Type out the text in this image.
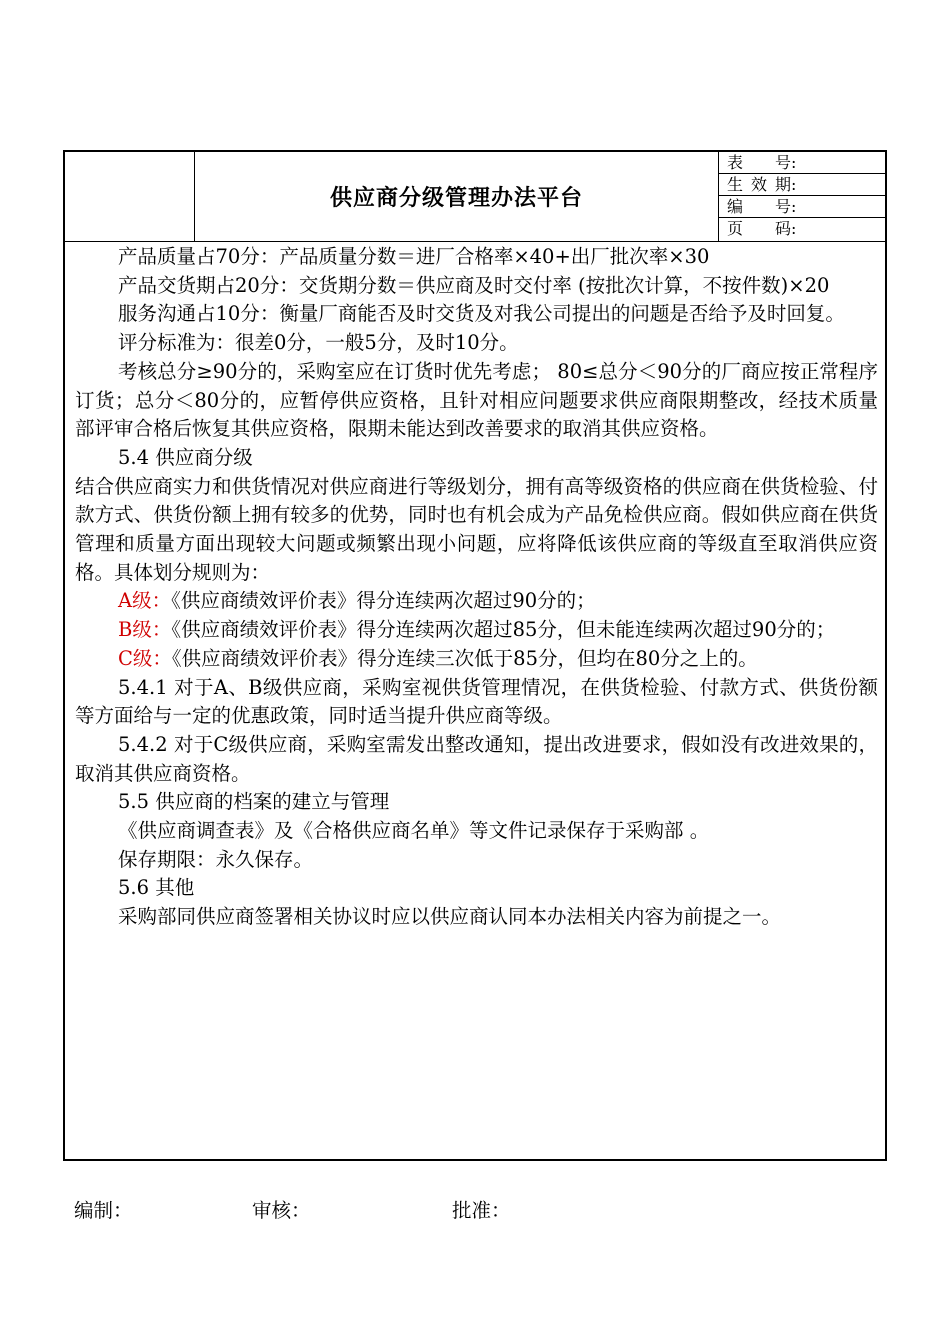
供应商分级管理办法平台
表号 :
生效期 :
编号 :
页码 :

产品质量占70分：产品质量分数＝进厂合格率×40+出厂批次率×30

产品交货期占20分：交货期分数＝供应商及时交付率 (按批次计算，不按件数)×20

服务沟通占10分：衡量厂商能否及时交货及对我公司提出的问题是否给予及时回复。

评分标准为：很差0分，一般5分，及时10分。

考核总分≥90分的，采购室应在订货时优先考虑； 80≤总分＜90分的厂商应按正常程序订货；总分＜80分的，应暂停供应资格，且针对相应问题要求供应商限期整改，经技术质量部评审合格后恢复其供应资格，限期未能达到改善要求的取消其供应资格。

5.4 供应商分级

结合供应商实力和供货情况对供应商进行等级划分，拥有高等级资格的供应商在供货检验、付款方式、供货份额上拥有较多的优势，同时也有机会成为产品免检供应商。假如供应商在供货管理和质量方面出现较大问题或频繁出现小问题，应将降低该供应商的等级直至取消供应资格。具体划分规则为：

A级：《供应商绩效评价表》得分连续两次超过90分的；

B级：《供应商绩效评价表》得分连续两次超过85分，但未能连续两次超过90分的；

C级：《供应商绩效评价表》得分连续三次低于85分，但均在80分之上的。

5.4.1 对于A、B级供应商，采购室视供货管理情况，在供货检验、付款方式、供货份额等方面给与一定的优惠政策，同时适当提升供应商等级。

5.4.2 对于C级供应商，采购室需发出整改通知，提出改进要求，假如没有改进效果的，取消其供应商资格。

5.5 供应商的档案的建立与管理

《供应商调查表》及《合格供应商名单》等文件记录保存于采购部 。

保存期限：永久保存。

5.6 其他

采购部同供应商签署相关协议时应以供应商认同本办法相关内容为前提之一。

编制：	审核：	批准：
